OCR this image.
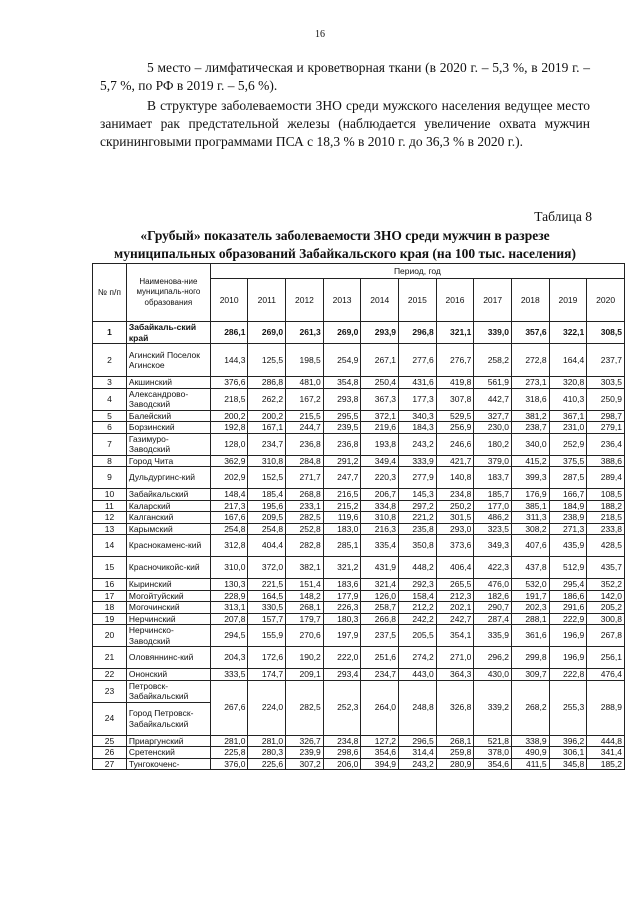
16

5 место – лимфатическая и кроветворная ткани (в 2020 г. – 5,3 %, в 2019 г. – 5,7 %, по РФ в 2019 г. – 5,6 %).

В структуре заболеваемости ЗНО среди мужского населения ведущее место занимает рак предстательной железы (наблюдается увеличение охвата мужчин скрининговыми программами ПСА с 18,3 % в 2010 г. до 36,3 % в 2020 г.).

Таблица 8

«Грубый» показатель заболеваемости ЗНО среди мужчин в разрезе муниципальных образований Забайкальского края (на 100 тыс. населения)

№ п/п	Наименова-ние муниципаль-ного образования	Период, год										
		2010	2011	2012	2013	2014	2015	2016	2017	2018	2019	2020
1	Забайкаль-ский край	286,1	269,0	261,3	269,0	293,9	296,8	321,1	339,0	357,6	322,1	308,5
2	Агинский Поселок Агинское	144,3	125,5	198,5	254,9	267,1	277,6	276,7	258,2	272,8	164,4	237,7
3	Акшинский	376,6	286,8	481,0	354,8	250,4	431,6	419,8	561,9	273,1	320,8	303,5
4	Александрово-Заводский	218,5	262,2	167,2	293,8	367,3	177,3	307,8	442,7	318,6	410,3	250,9
5	Балейский	200,2	200,2	215,5	295,5	372,1	340,3	529,5	327,7	381,2	367,1	298,7
6	Борзинский	192,8	167,1	244,7	239,5	219,6	184,3	256,9	230,0	238,7	231,0	279,1
7	Газимуро-Заводский	128,0	234,7	236,8	236,8	193,8	243,2	246,6	180,2	340,0	252,9	236,4
8	Город Чита	362,9	310,8	284,8	291,2	349,4	333,9	421,7	379,0	415,2	375,5	388,6
9	Дульдургинс-кий	202,9	152,5	271,7	247,7	220,3	277,9	140,8	183,7	399,3	287,5	289,4
10	Забайкальский	148,4	185,4	268,8	216,5	206,7	145,3	234,8	185,7	176,9	166,7	108,5
11	Каларский	217,3	195,6	233,1	215,2	334,8	297,2	250,2	177,0	385,1	184,9	188,2
12	Калганский	167,6	209,5	282,5	119,6	310,8	221,2	301,5	486,2	311,3	238,9	218,5
13	Карымский	254,8	254,8	252,8	183,0	216,3	235,8	293,0	323,5	308,2	271,3	233,8
14	Краснокаменс-кий	312,8	404,4	282,8	285,1	335,4	350,8	373,6	349,3	407,6	435,9	428,5
15	Красночикойс-кий	310,0	372,0	382,1	321,2	431,9	448,2	406,4	422,3	437,8	512,9	435,7
16	Кыринский	130,3	221,5	151,4	183,6	321,4	292,3	265,5	476,0	532,0	295,4	352,2
17	Могойтуйский	228,9	164,5	148,2	177,9	126,0	158,4	212,3	182,6	191,7	186,6	142,0
18	Могочинский	313,1	330,5	268,1	226,3	258,7	212,2	202,1	290,7	202,3	291,6	205,2
19	Нерчинский	207,8	157,7	179,7	180,3	266,8	242,2	242,7	287,4	288,1	222,9	300,8
20	Нерчинско-Заводский	294,5	155,9	270,6	197,9	237,5	205,5	354,1	335,9	361,6	196,9	267,8
21	Оловяннинс-кий	204,3	172,6	190,2	222,0	251,6	274,2	271,0	296,2	299,8	196,9	256,1
22	Ононский	333,5	174,7	209,1	293,4	234,7	443,0	364,3	430,0	309,7	222,8	476,4
23	Петровск-Забайкальский	267,6	224,0	282,5	252,3	264,0	248,8	326,8	339,2	268,2	255,3	288,9
24	Город Петровск-Забайкальский											
25	Приаргунский	281,0	281,0	326,7	234,8	127,2	296,5	268,1	521,8	338,9	396,2	444,8
26	Сретенский	225,8	280,3	239,9	298,6	354,6	314,4	259,8	378,0	490,9	306,1	341,4
27	Тунгокоченс-	376,0	225,6	307,2	206,0	394,9	243,2	280,9	354,6	411,5	345,8	185,2
